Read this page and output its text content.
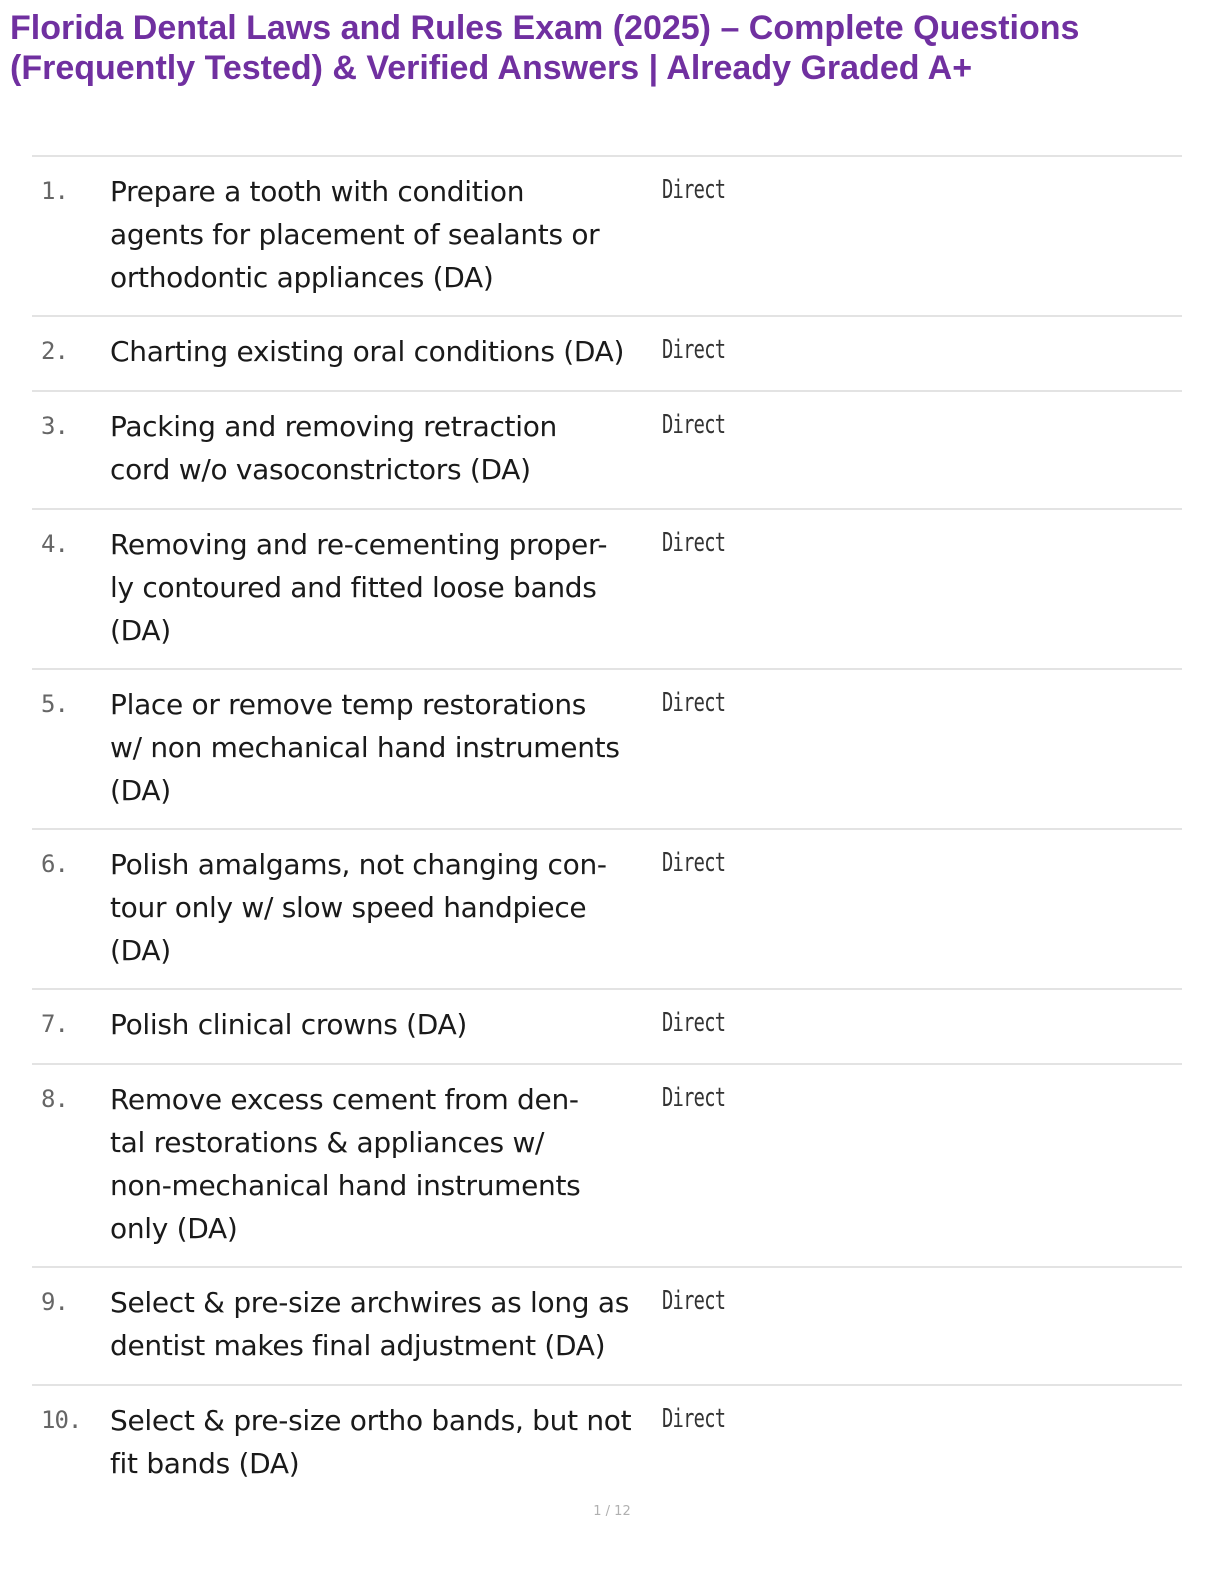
Florida Dental Laws and Rules Exam (2025) – Complete Questions
(Frequently Tested) & Verified Answers | Already Graded A+
1. Prepare a tooth with condition
agents for placement of sealants or
orthodontic appliances (DA)
Direct
2. Charting existing oral conditions (DA)	Direct
3. Packing and removing retraction
cord w/o vasoconstrictors (DA)
Direct
4. Removing and re-cementing proper-
ly contoured and fitted loose bands
(DA)
Direct
5. Place or remove temp restorations
w/ non mechanical hand instruments
(DA)
Direct
6. Polish amalgams, not changing con-
tour only w/ slow speed handpiece
(DA)
Direct
7. Polish clinical crowns (DA)	Direct
8. Remove excess cement from den-
tal restorations & appliances w/
non-mechanical hand instruments
only (DA)
Direct
9. Select & pre-size archwires as long as
dentist makes final adjustment (DA)
Direct
10. Select & pre-size ortho bands, but not
fit bands (DA)
Direct
1 / 12
